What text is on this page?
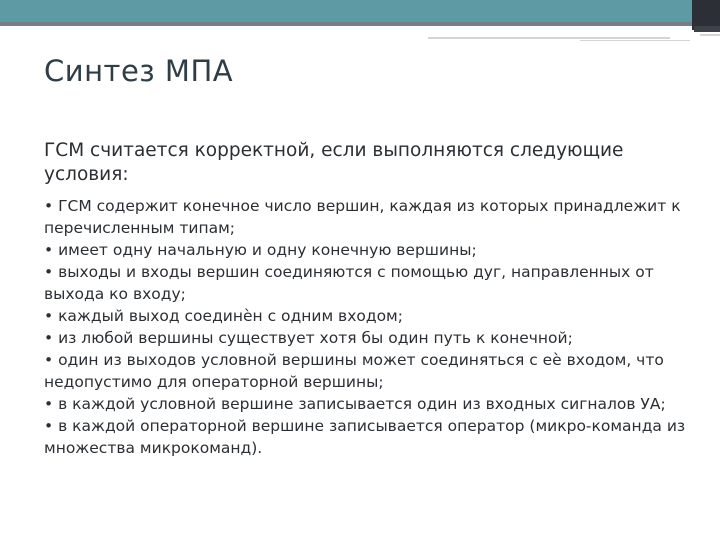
Синтез МПА

ГСМ считается корректной, если выполняются следующие условия:

• ГСМ содержит конечное число вершин, каждая из которых принадлежит к перечисленным типам;
• имеет одну начальную и одну конечную вершины;
• выходы и входы вершин соединяются с помощью дуг, направленных от выхода ко входу;
• каждый выход соединѐн с одним входом;
• из любой вершины существует хотя бы один путь к конечной;
• один из выходов условной вершины может соединяться с еѐ входом, что недопустимо для операторной вершины;
• в каждой условной вершине записывается один из входных сигналов УА;
• в каждой операторной вершине записывается оператор (микро-команда из множества микрокоманд).
